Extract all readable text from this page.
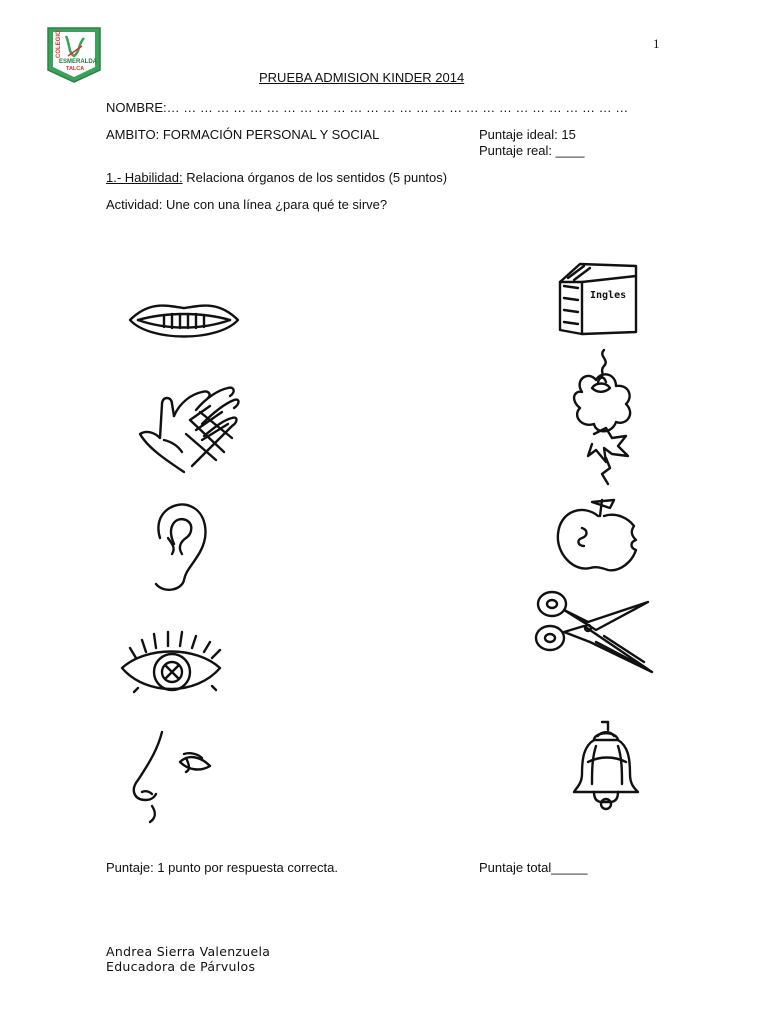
COLEGIO
ESMERALDA
TALCA
1
PRUEBA ADMISION KINDER 2014
NOMBRE:… … … … … … … … … … … … … … … … … … … … … … … … … … … …
AMBITO: FORMACIÓN PERSONAL Y SOCIAL	Puntaje ideal: 15
Puntaje real: ____
1.- Habilidad: Relaciona órganos de los sentidos (5 puntos)
Actividad: Une con una línea ¿para qué te sirve?
Ingles
Puntaje: 1 punto por respuesta correcta.	Puntaje total_____
Andrea Sierra Valenzuela
Educadora de Párvulos
